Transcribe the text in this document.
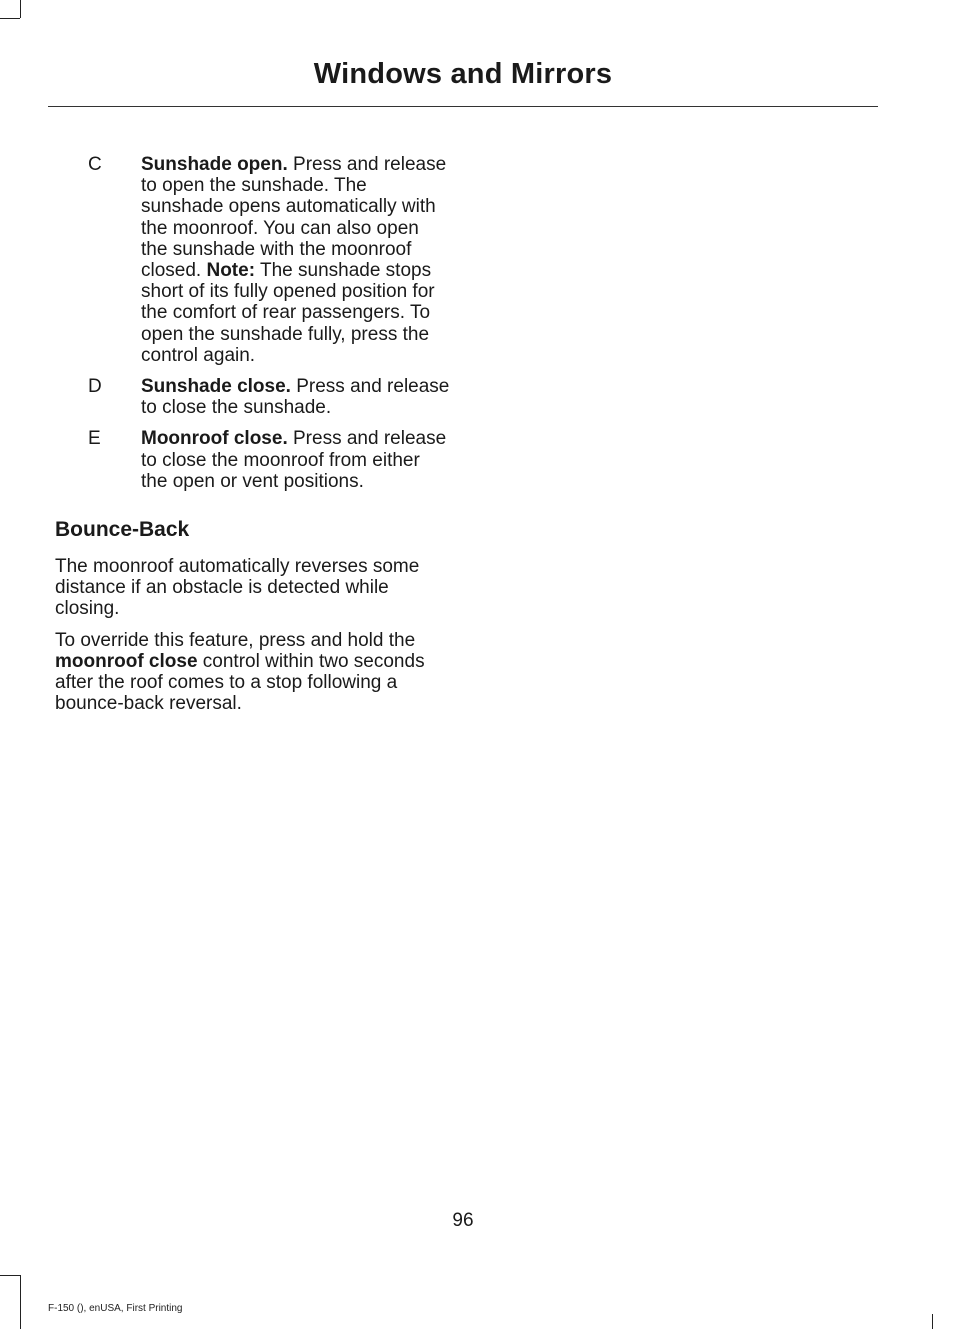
Windows and Mirrors
C	Sunshade open. Press and release to open the sunshade. The sunshade opens automatically with the moonroof. You can also open the sunshade with the moonroof closed. Note: The sunshade stops short of its fully opened position for the comfort of rear passengers. To open the sunshade fully, press the control again.
D	Sunshade close. Press and release to close the sunshade.
E	Moonroof close. Press and release to close the moonroof from either the open or vent positions.
Bounce-Back

The moonroof automatically reverses some distance if an obstacle is detected while closing.

To override this feature, press and hold the moonroof close control within two seconds after the roof comes to a stop following a bounce-back reversal.

96
F-150 (), enUSA, First Printing
